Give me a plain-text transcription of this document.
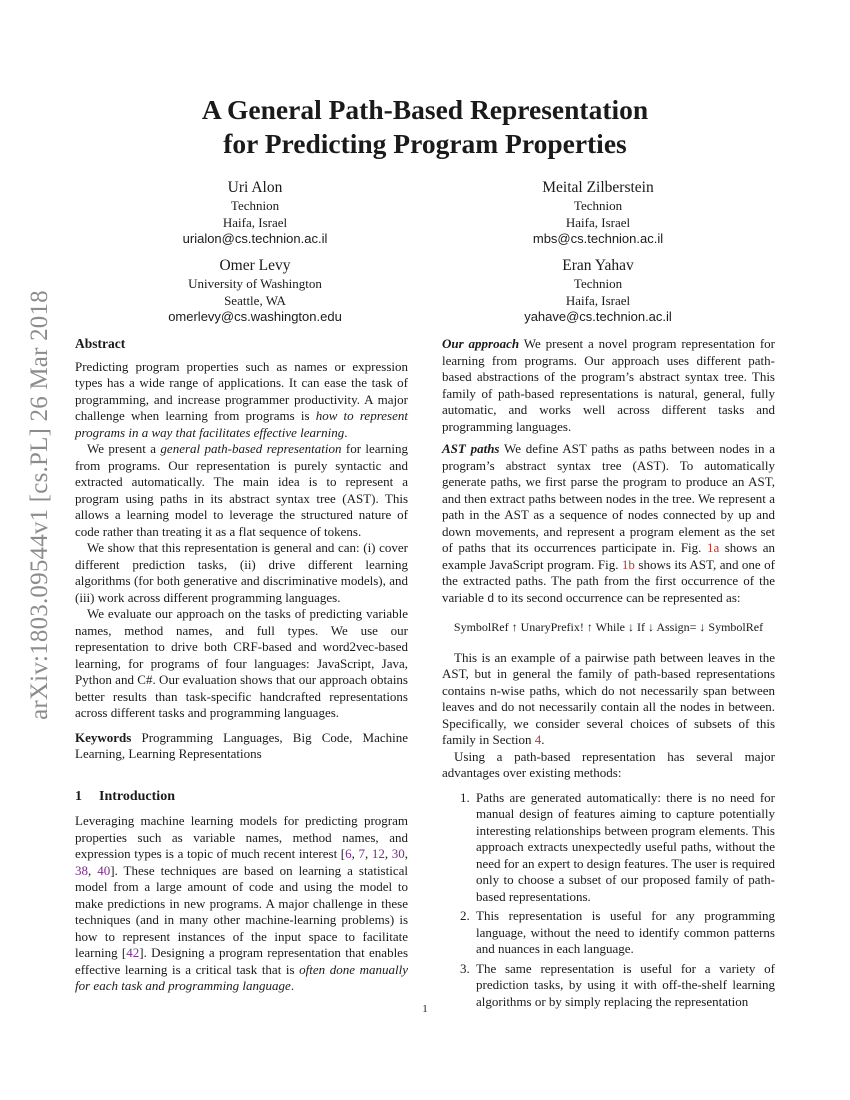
arXiv:1803.09544v1 [cs.PL] 26 Mar 2018
A General Path-Based Representation
for Predicting Program Properties
Uri Alon
Technion
Haifa, Israel
urialon@cs.technion.ac.il
Meital Zilberstein
Technion
Haifa, Israel
mbs@cs.technion.ac.il
Omer Levy
University of Washington
Seattle, WA
omerlevy@cs.washington.edu
Eran Yahav
Technion
Haifa, Israel
yahave@cs.technion.ac.il
Abstract

Predicting program properties such as names or expression types has a wide range of applications. It can ease the task of programming, and increase programmer productivity. A major challenge when learning from programs is how to represent programs in a way that facilitates effective learning.

We present a general path-based representation for learning from programs. Our representation is purely syntactic and extracted automatically. The main idea is to represent a program using paths in its abstract syntax tree (AST). This allows a learning model to leverage the structured nature of code rather than treating it as a flat sequence of tokens.

We show that this representation is general and can: (i) cover different prediction tasks, (ii) drive different learning algorithms (for both generative and discriminative models), and (iii) work across different programming languages.

We evaluate our approach on the tasks of predicting variable names, method names, and full types. We use our representation to drive both CRF-based and word2vec-based learning, for programs of four languages: JavaScript, Java, Python and C#. Our evaluation shows that our approach obtains better results than task-specific handcrafted representations across different tasks and programming languages.

Keywords Programming Languages, Big Code, Machine Learning, Learning Representations

1 Introduction

Leveraging machine learning models for predicting program properties such as variable names, method names, and expression types is a topic of much recent interest [6, 7, 12, 30, 38, 40]. These techniques are based on learning a statistical model from a large amount of code and using the model to make predictions in new programs. A major challenge in these techniques (and in many other machine-learning problems) is how to represent instances of the input space to facilitate learning [42]. Designing a program representation that enables effective learning is a critical task that is often done manually for each task and programming language.

Our approach We present a novel program representation for learning from programs. Our approach uses different path-based abstractions of the program’s abstract syntax tree. This family of path-based representations is natural, general, fully automatic, and works well across different tasks and programming languages.

AST paths We define AST paths as paths between nodes in a program’s abstract syntax tree (AST). To automatically generate paths, we first parse the program to produce an AST, and then extract paths between nodes in the tree. We represent a path in the AST as a sequence of nodes connected by up and down movements, and represent a program element as the set of paths that its occurrences participate in. Fig. 1a shows an example JavaScript program. Fig. 1b shows its AST, and one of the extracted paths. The path from the first occurrence of the variable d to its second occurrence can be represented as:

SymbolRef ↑ UnaryPrefix! ↑ While ↓ If ↓ Assign= ↓ SymbolRef

This is an example of a pairwise path between leaves in the AST, but in general the family of path-based representations contains n-wise paths, which do not necessarily span between leaves and do not necessarily contain all the nodes in between. Specifically, we consider several choices of subsets of this family in Section 4.

Using a path-based representation has several major advantages over existing methods:

1. Paths are generated automatically: there is no need for manual design of features aiming to capture potentially interesting relationships between program elements. This approach extracts unexpectedly useful paths, without the need for an expert to design features. The user is required only to choose a subset of our proposed family of path-based representations.
2. This representation is useful for any programming language, without the need to identify common patterns and nuances in each language.
3. The same representation is useful for a variety of prediction tasks, by using it with off-the-shelf learning algorithms or by simply replacing the representation
1
